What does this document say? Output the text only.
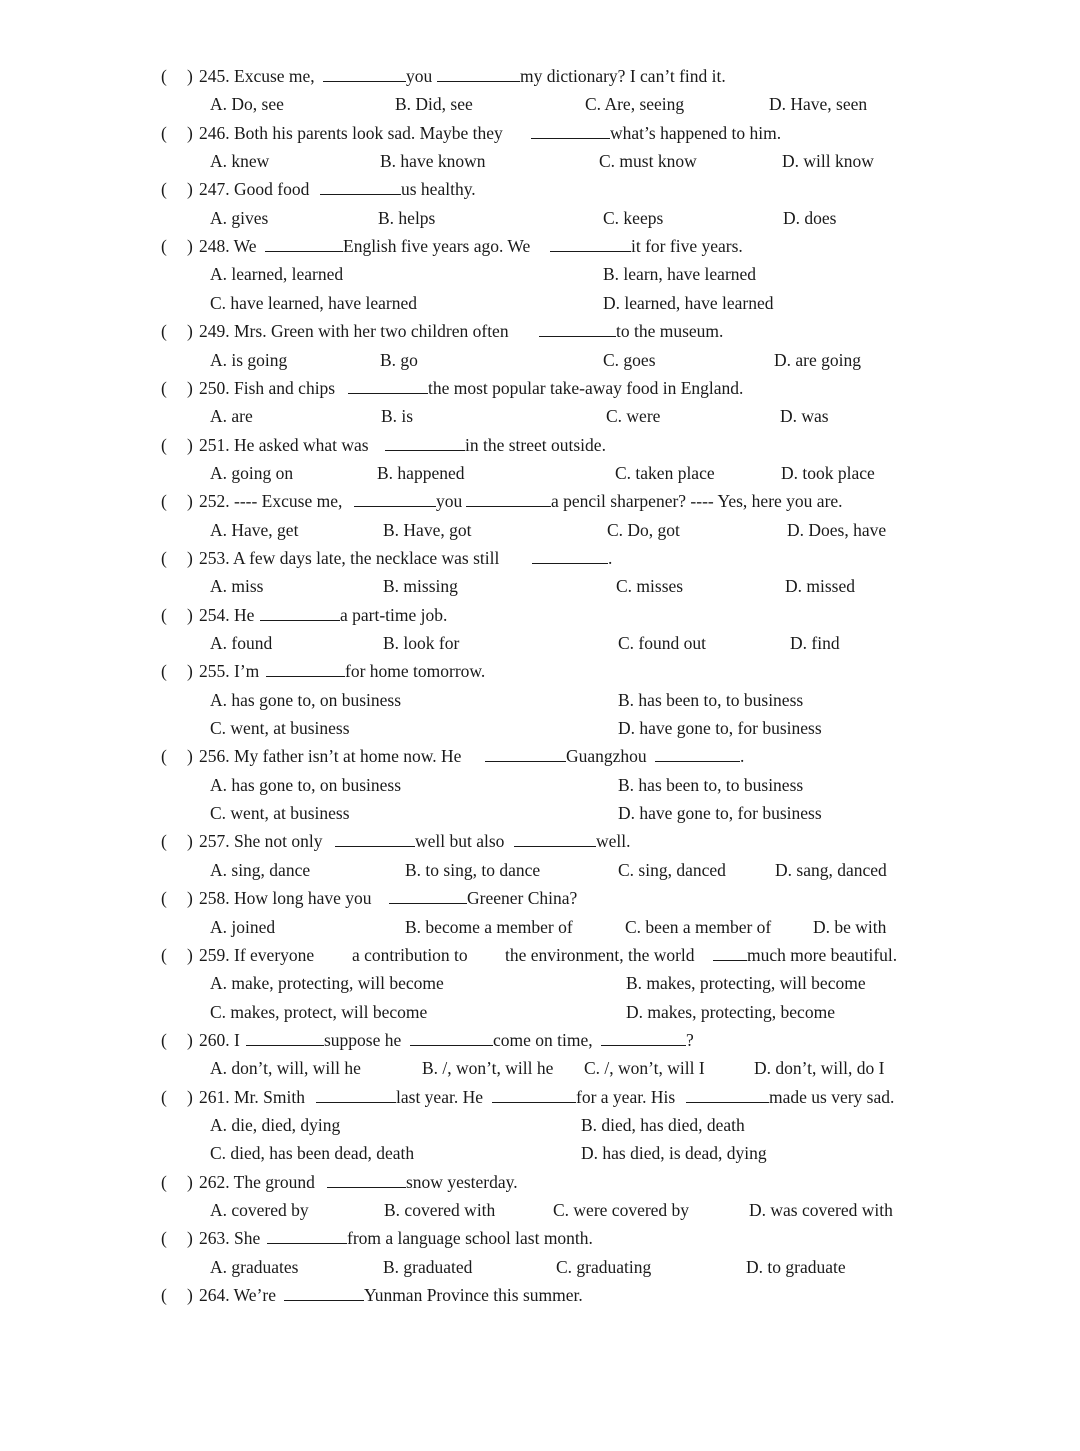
( ) 245. Excuse me,	you	my dictionary? I can’t find it.
A. Do, see	B. Did, see	C. Are, seeing	D. Have, seen
( ) 246. Both his parents look sad. Maybe they	what’s happened to him.
A. knew	B. have known	C. must know	D. will know
( ) 247. Good food	us healthy.
A. gives	B. helps	C. keeps	D. does
( ) 248. We	English five years ago. We	it for five years.
A. learned, learned	B. learn, have learned
C. have learned, have learned	D. learned, have learned
( ) 249. Mrs. Green with her two children often	to the museum.
A. is going	B. go	C. goes	D. are going
( ) 250. Fish and chips	the most popular take-away food in England.
A. are	B. is	C. were	D. was
( ) 251. He asked what was	in the street outside.
A. going on	B. happened	C. taken place	D. took place
( ) 252. ---- Excuse me,	you	a pencil sharpener? ---- Yes, here you are.
A. Have, get	B. Have, got	C. Do, got	D. Does, have
( ) 253. A few days late, the necklace was still	.
A. miss	B. missing	C. misses	D. missed
( ) 254. He	a part-time job.
A. found	B. look for	C. found out	D. find
( ) 255. I’m	for home tomorrow.
A. has gone to, on business	B. has been to, to business
C. went, at business	D. have gone to, for business
( ) 256. My father isn’t at home now. He	Guangzhou	.
A. has gone to, on business	B. has been to, to business
C. went, at business	D. have gone to, for business
( ) 257. She not only	well but also	well.
A. sing, dance	B. to sing, to dance	C. sing, danced	D. sang, danced
( ) 258. How long have you	Greener China?
A. joined	B. become a member of	C. been a member of D. be with
( ) 259. If everyone a contribution to the environment, the world	much more beautiful.
A. make, protecting, will become	B. makes, protecting, will become
C. makes, protect, will become	D. makes, protecting, become
( ) 260. I	suppose he	come on time,	?
A. don’t, will, will he	B. /, won’t, will he C. /, won’t, will I	D. don’t, will, do I
( ) 261. Mr. Smith	last year. He	for a year. His	made us very sad.
A. die, died, dying	B. died, has died, death
C. died, has been dead, death	D. has died, is dead, dying
( ) 262. The ground	snow yesterday.
A. covered by	B. covered with	C. were covered by	D. was covered with
( ) 263. She	from a language school last month.
A. graduates	B. graduated	C. graduating	D. to graduate
( ) 264. We’re	Yunman Province this summer.
